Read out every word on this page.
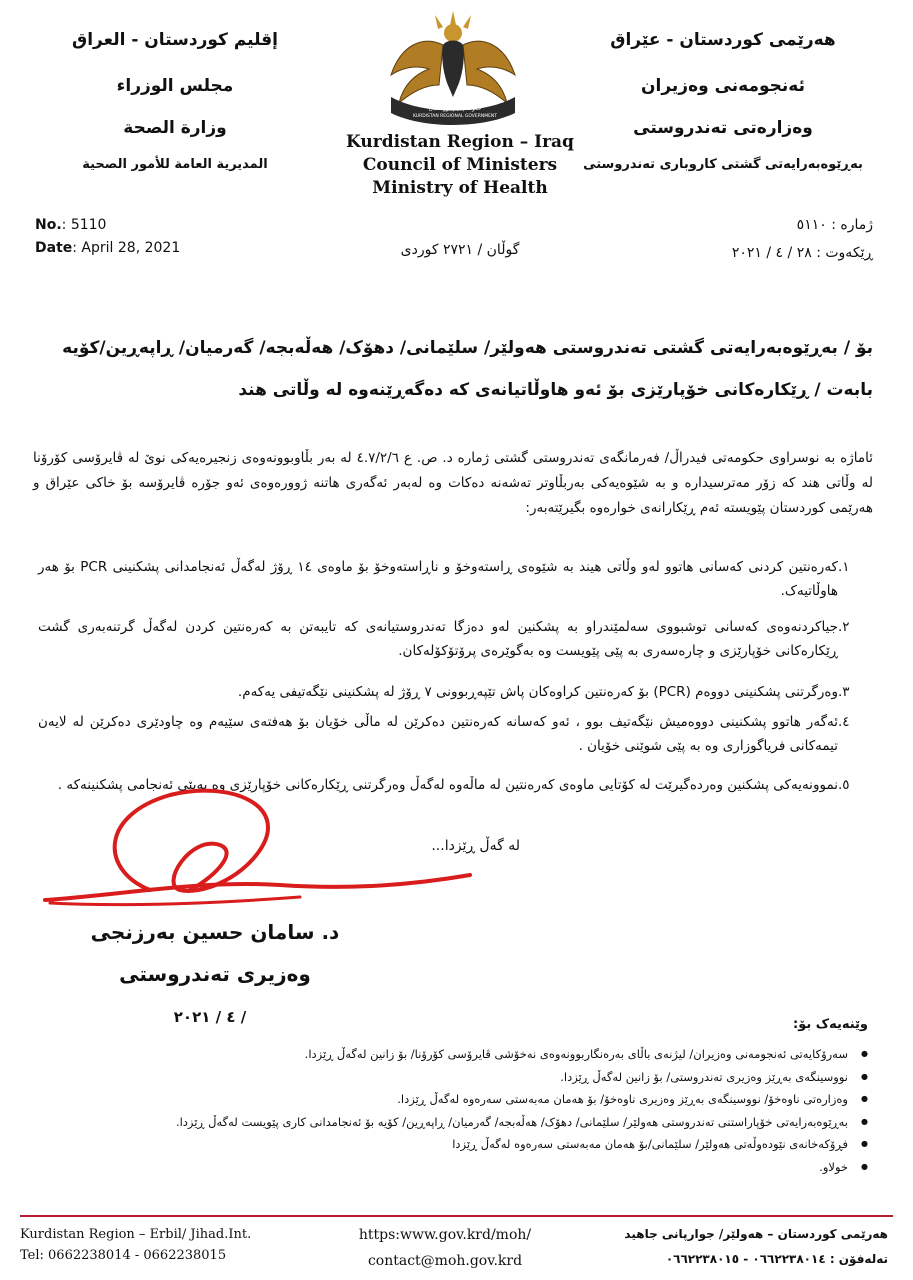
إقليم كوردستان - العراق
مجلس الوزراء
وزارة الصحة
المديرية العامة للأمور الصحية
هەرێمی کوردستان - عێراق
ئەنجومەنی وەزیران
وەزارەتی تەندروستی
بەڕێوەبەرایەتی گشتی کاروباری تەندروستی
حكومة إقليم كوردستان
KURDISTAN REGIONAL GOVERNMENT
Kurdistan Region – Iraq
Council of Ministers
Ministry of Health
No.: 5110
Date: April 28, 2021
ژمارە : ٥١١٠
ڕێکەوت : ٢٨ / ٤ / ٢٠٢١
گوڵان / ٢٧٢١ کوردی
بۆ / بەڕێوەبەرایەتی گشتی تەندروستی هەولێر/ سلێمانی/ دهۆک/ هەڵەبجە/ گەرمیان/ ڕاپەڕین/کۆیە
بابەت / ڕێکارەکانی خۆپارێزی بۆ ئەو هاوڵاتیانەی کە دەگەڕێنەوە لە وڵاتی هند
ئاماژە بە نوسراوی حکومەتی فیدراڵ/ فەرمانگەی تەندروستی گشتی ژمارە د. ص. ع ٤.٧/٢/٦ لە بەر بڵاوبوونەوەی زنجیرەیەکی نوێ لە ڤایرۆسی کۆرۆنا لە وڵاتی هند کە زۆر مەترسیدارە و بە شێوەیەکی بەربڵاوتر تەشەنە دەکات وە لەبەر ئەگەری هاتنە ژوورەوەی ئەو جۆرە ڤایرۆسە بۆ خاکی عێراق و هەرێمی کوردستان پێویستە ئەم ڕێکارانەی خوارەوە بگیرێتەبەر:
.١
کەرەنتین کردنی کەسانی هاتوو لەو وڵاتی هیند بە شێوەی ڕاستەوخۆ و ناڕاستەوخۆ بۆ ماوەی ١٤ ڕۆژ لەگەڵ ئەنجامدانی پشکنینی PCR بۆ هەر هاوڵاتیەک.
.٢
جیاکردنەوەی کەسانی توشبووی سەلمێندراو بە پشکنین لەو دەزگا تەندروستیانەی کە تایبەتن بە کەرەنتین کردن لەگەڵ گرتنەبەری گشت ڕێکارەکانی خۆپارێزی و چارەسەری بە پێی پێویست وە بەگوێرەی پرۆتۆکۆلەکان.
.٣
وەرگرتنی پشکنینی دووەم (PCR) بۆ کەرەنتین کراوەکان پاش تێپەڕبوونی ٧ ڕۆژ لە پشکنینی نێگەتیفی یەکەم.
.٤
ئەگەر هاتوو پشکنینی دووەمیش نێگەتیف بوو ، ئەو کەسانە کەرەنتین دەکرێن لە ماڵی خۆیان بۆ هەفتەی سێیەم وە چاودێری دەکرێن لە لایەن تیمەکانی فریاگوزاری وە بە پێی شوێنی خۆیان .
.٥
نموونەیەکی پشکنین وەردەگیرێت لە کۆتایی ماوەی کەرەنتین لە ماڵەوە لەگەڵ وەرگرتنی ڕێکارەکانی خۆپارێزی وە بەپێی ئەنجامی پشکنینەکە .
لە گەڵ ڕێزدا...
د. سامان حسین بەرزنجی
وەزیری تەندروستی
/ ٤ / ٢٠٢١	وێنەیەک بۆ:
● سەرۆکایەتی ئەنجومەنی وەزیران/ لیژنەی باڵای بەرەنگاربوونەوەی نەخۆشی ڤایرۆسی کۆرۆنا/ بۆ زانین لەگەڵ ڕێزدا.
● نووسینگەی بەڕێز وەزیری تەندروستی/ بۆ زانین لەگەڵ ڕێزدا.
● وەزارەتی ناوەخۆ/ نووسینگەی بەڕێز وەزیری ناوەخۆ/ بۆ هەمان مەبەستی سەرەوە لەگەڵ ڕێزدا.
● بەڕێوەبەرایەتی خۆپاراستنی تەندروستی هەولێر/ سلێمانی/ دهۆک/ هەڵەبجە/ گەرمیان/ ڕاپەڕین/ کۆیە بۆ ئەنجامدانی کاری پێویست لەگەڵ ڕێزدا.
● فڕۆکەخانەی نێودەوڵەتی هەولێر/ سلێمانی/بۆ هەمان مەبەستی سەرەوە لەگەڵ ڕێزدا
● خولاو.
Kurdistan Region – Erbil/ Jihad.Int.
Tel: 0662238014 - 0662238015
https:www.gov.krd/moh/
contact@moh.gov.krd
هەرێمی کوردستان – هەولێر/ جوارپانی جاهید
تەلەفۆن : ٠٦٦٢٢٣٨٠١٤ - ٠٦٦٢٢٣٨٠١٥
